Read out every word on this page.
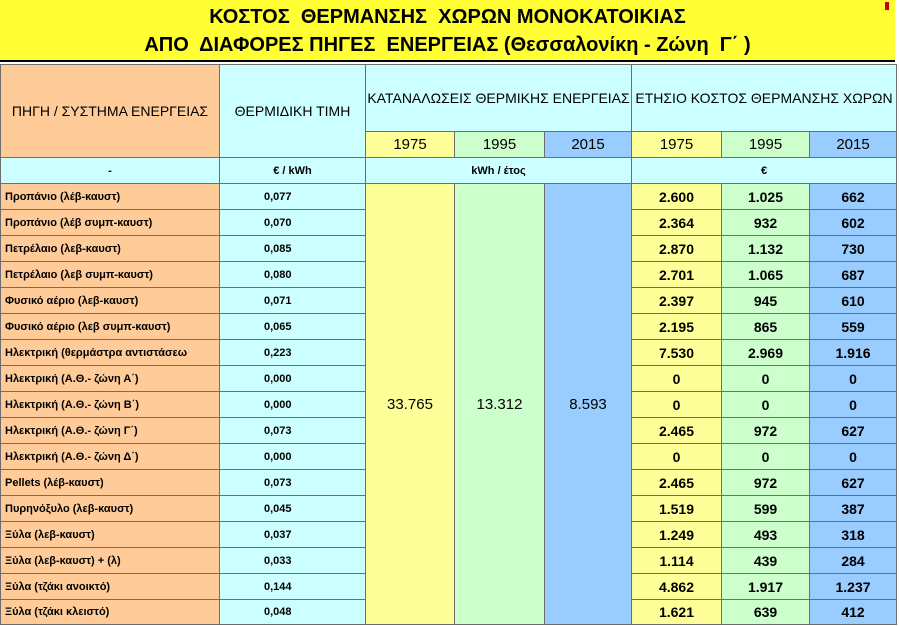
ΚΟΣΤΟΣ  ΘΕΡΜΑΝΣΗΣ  ΧΩΡΩΝ ΜΟΝΟΚΑΤΟΙΚΙΑΣ
ΑΠΟ  ΔΙΑΦΟΡΕΣ ΠΗΓΕΣ  ΕΝΕΡΓΕΙΑΣ (Θεσσαλονίκη - Ζώνη  Γ΄ )
ΠΗΓΗ / ΣΥΣΤΗΜΑ ΕΝΕΡΓΕΙΑΣ	ΘΕΡΜΙΔΙΚΗ ΤΙΜΗ	ΚΑΤΑΝΑΛΩΣΕΙΣ ΘΕΡΜΙΚΗΣ ΕΝΕΡΓΕΙΑΣ			ΕΤΗΣΙΟ ΚΟΣΤΟΣ ΘΕΡΜΑΝΣΗΣ ΧΩΡΩΝ		
		1975	1995	2015	1975	1995	2015
-	€ / kWh	kWh / έτος			€		
Προπάνιο (λέβ-καυστ)	0,077	33.765	13.312	8.593	2.600	1.025	662
Προπάνιο (λέβ συμπ-καυστ)	0,070				2.364	932	602
Πετρέλαιο (λεβ-καυστ)	0,085				2.870	1.132	730
Πετρέλαιο (λεβ συμπ-καυστ)	0,080				2.701	1.065	687
Φυσικό αέριο (λεβ-καυστ)	0,071				2.397	945	610
Φυσικό αέριο (λεβ συμπ-καυστ)	0,065				2.195	865	559
Ηλεκτρική (θερμάστρα αντιστάσεω	0,223				7.530	2.969	1.916
Ηλεκτρική (Α.Θ.- ζώνη Α΄)	0,000				0	0	0
Ηλεκτρική (Α.Θ.- ζώνη Β΄)	0,000				0	0	0
Ηλεκτρική (Α.Θ.- ζώνη Γ΄)	0,073				2.465	972	627
Ηλεκτρική (Α.Θ.- ζώνη Δ΄)	0,000				0	0	0
Pellets (λέβ-καυστ)	0,073				2.465	972	627
Πυρηνόξυλο (λεβ-καυστ)	0,045				1.519	599	387
Ξύλα (λεβ-καυστ)	0,037				1.249	493	318
Ξύλα (λεβ-καυστ) + (λ)	0,033				1.114	439	284
Ξύλα (τζάκι ανοικτό)	0,144				4.862	1.917	1.237
Ξύλα (τζάκι κλειστό)	0,048				1.621	639	412
